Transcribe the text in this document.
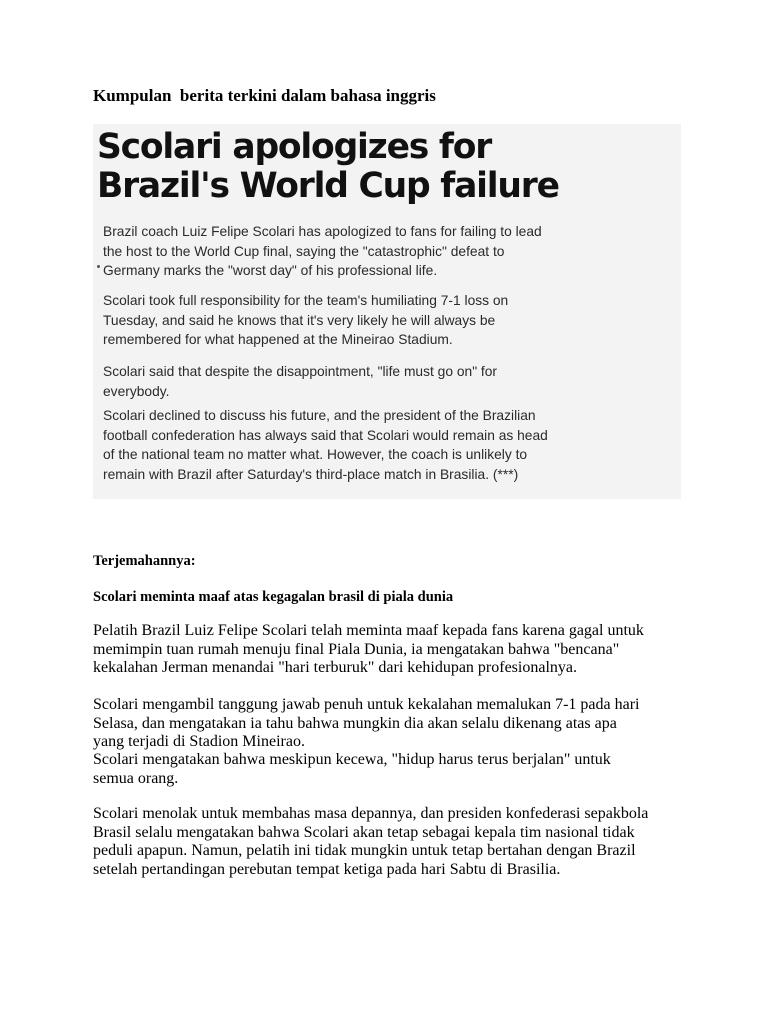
Kumpulan  berita terkini dalam bahasa inggris
Scolari apologizes for
Brazil's World Cup failure
Brazil coach Luiz Felipe Scolari has apologized to fans for failing to lead
the host to the World Cup final, saying the "catastrophic" defeat to
Germany marks the "worst day" of his professional life.
Scolari took full responsibility for the team's humiliating 7-1 loss on
Tuesday, and said he knows that it's very likely he will always be
remembered for what happened at the Mineirao Stadium.
Scolari said that despite the disappointment, "life must go on" for
everybody.
Scolari declined to discuss his future, and the president of the Brazilian
football confederation has always said that Scolari would remain as head
of the national team no matter what. However, the coach is unlikely to
remain with Brazil after Saturday's third-place match in Brasilia. (***)
Terjemahannya:
Scolari meminta maaf atas kegagalan brasil di piala dunia
Pelatih Brazil Luiz Felipe Scolari telah meminta maaf kepada fans karena gagal untuk
memimpin tuan rumah menuju final Piala Dunia, ia mengatakan bahwa "bencana"
kekalahan Jerman menandai "hari terburuk" dari kehidupan profesionalnya.
Scolari mengambil tanggung jawab penuh untuk kekalahan memalukan 7-1 pada hari
Selasa, dan mengatakan ia tahu bahwa mungkin dia akan selalu dikenang atas apa
yang terjadi di Stadion Mineirao.
Scolari mengatakan bahwa meskipun kecewa, "hidup harus terus berjalan" untuk
semua orang.
Scolari menolak untuk membahas masa depannya, dan presiden konfederasi sepakbola
Brasil selalu mengatakan bahwa Scolari akan tetap sebagai kepala tim nasional tidak
peduli apapun. Namun, pelatih ini tidak mungkin untuk tetap bertahan dengan Brazil
setelah pertandingan perebutan tempat ketiga pada hari Sabtu di Brasilia.
